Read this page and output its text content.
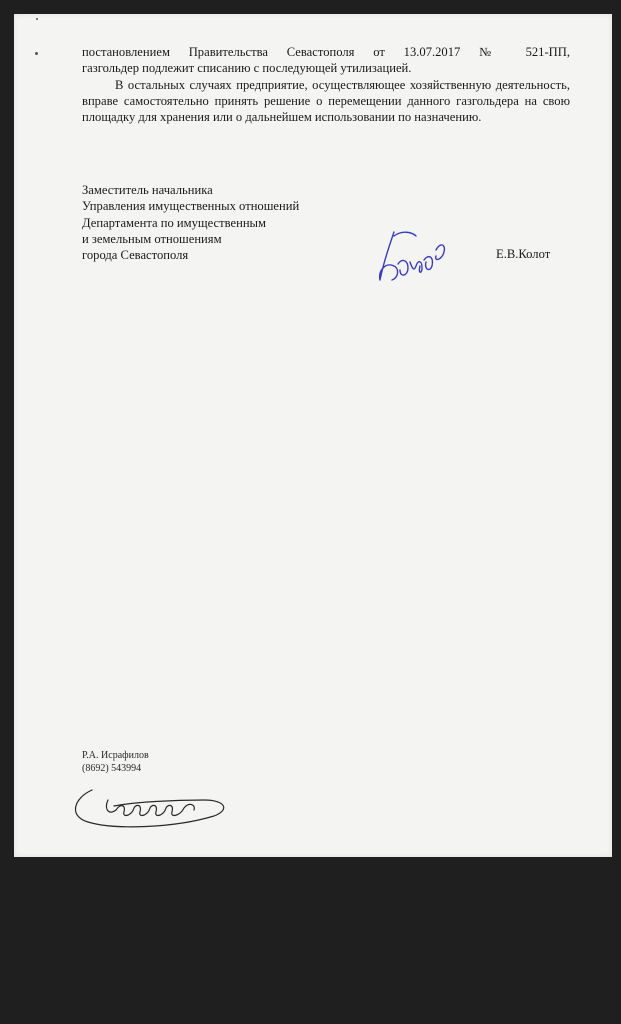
постановлением Правительства Севастополя от 13.07.2017 № 521-ПП,

газгольдер подлежит списанию с последующей утилизацией.

В остальных случаях предприятие, осуществляющее хозяйственную деятельность, вправе самостоятельно принять решение о перемещении данного газгольдера на свою площадку для хранения или о дальнейшем использовании по назначению.

Заместитель начальника
Управления имущественных отношений
Департамента по имущественным
и земельным отношениям
города Севастополя	Е.В.Колот
Р.А. Исрафилов
(8692) 543994
